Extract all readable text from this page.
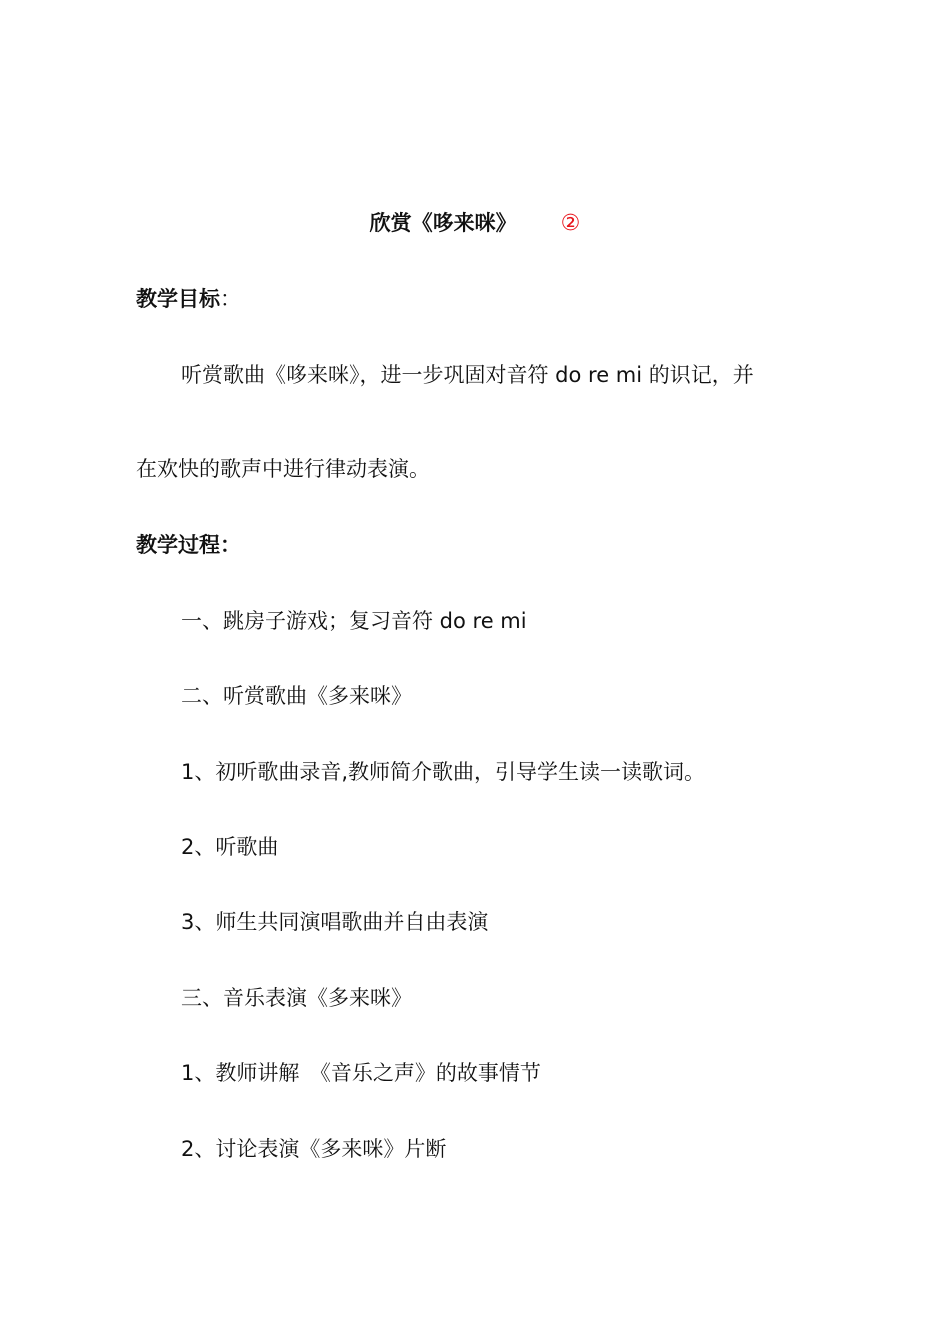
欣赏《哆来咪》 ②
教学目标：
听赏歌曲《哆来咪》，进一步巩固对音符 do re mi 的识记，并
在欢快的歌声中进行律动表演。
教学过程：
一、跳房子游戏；复习音符 do re mi
二、听赏歌曲《多来咪》
1、初听歌曲录音,教师简介歌曲，引导学生读一读歌词。
2、听歌曲
3、师生共同演唱歌曲并自由表演
三、音乐表演《多来咪》
1、教师讲解　《音乐之声》的故事情节
2、讨论表演《多来咪》片断
